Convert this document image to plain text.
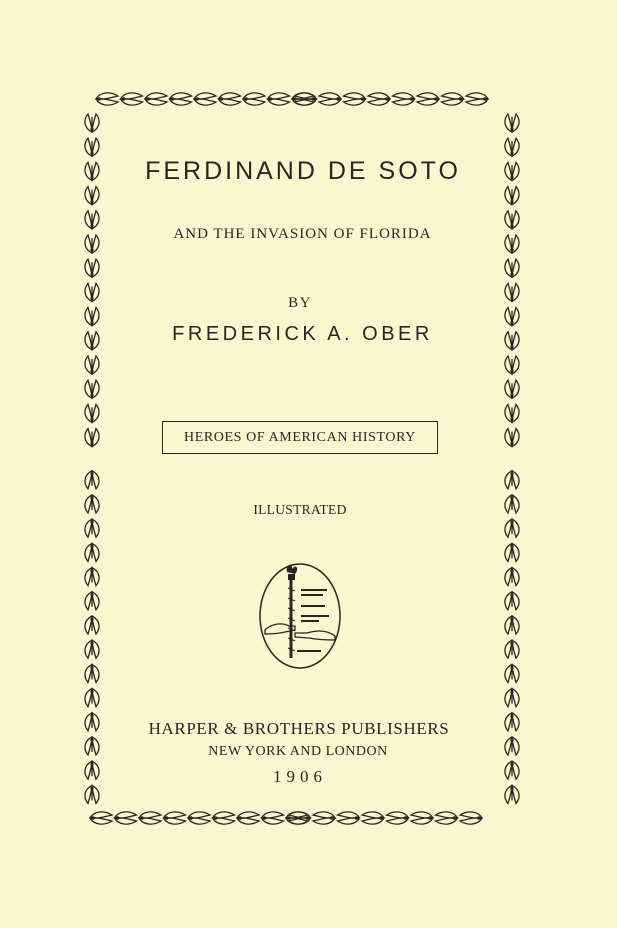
FERDINAND DE SOTO
AND THE INVASION OF FLORIDA
BY
FREDERICK A. OBER
HEROES OF AMERICAN HISTORY
ILLUSTRATED
HARPER & BROTHERS PUBLISHERS
NEW YORK AND LONDON
1906
